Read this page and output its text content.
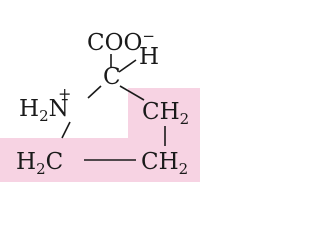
COO−
H
C
$H_2N$
+
$CH_2$
$H_2C$	$CH_2$
